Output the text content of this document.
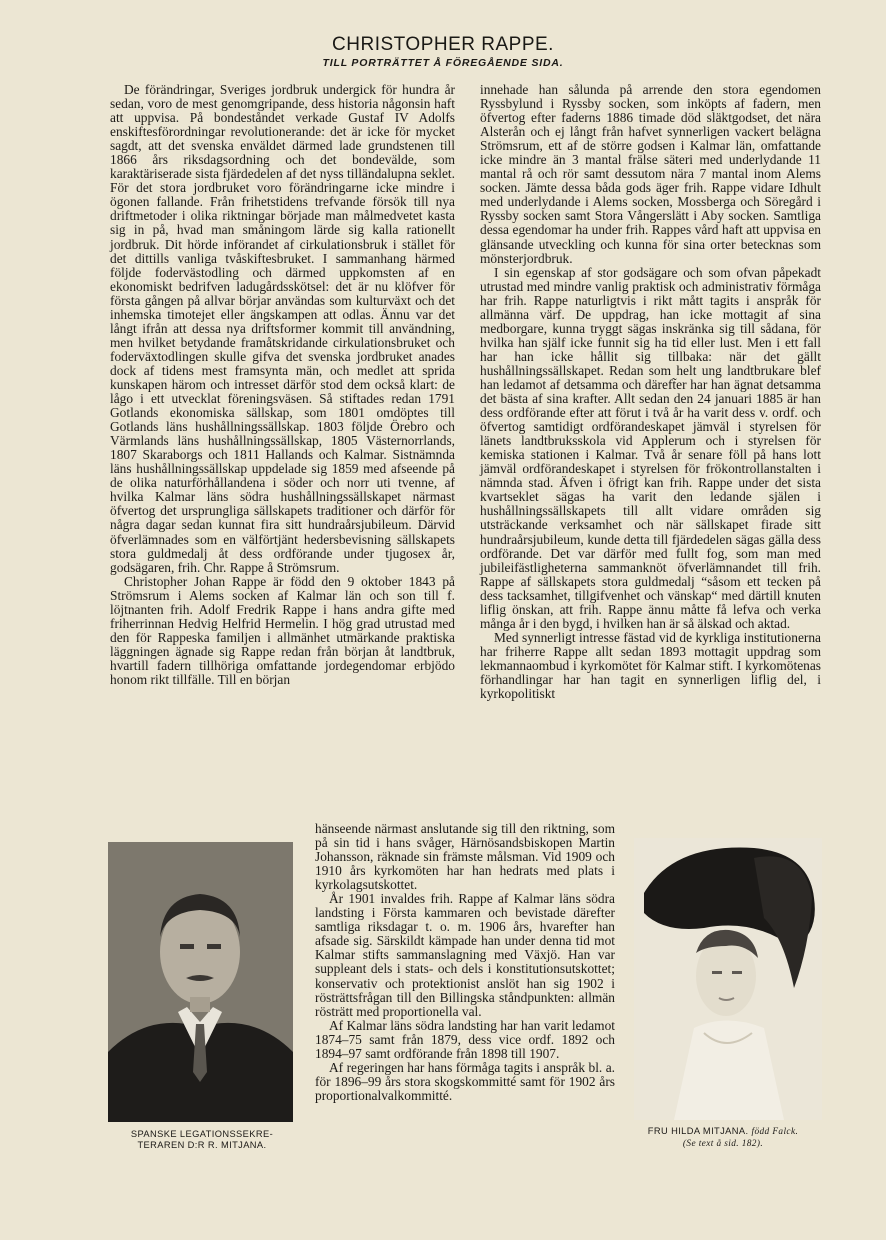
CHRISTOPHER RAPPE.
TILL PORTRÄTTET Å FÖREGÅENDE SIDA.

De förändringar, Sveriges jordbruk undergick för hundra år sedan, voro de mest genomgripande, dess historia någonsin haft att uppvisa. På bondeståndet verkade Gustaf IV Adolfs enskiftesförordningar revolutionerande: det är icke för mycket sagdt, att det svenska enväldet därmed lade grundstenen till 1866 års riksdagsordning och det bondevälde, som karaktäriserade sista fjärdedelen af det nyss tilländalupna seklet. För det stora jordbruket voro förändringarne icke mindre i ögonen fallande. Från frihetstidens trefvande försök till nya driftmetoder i olika riktningar började man målmedvetet kasta sig in på, hvad man småningom lärde sig kalla rationellt jordbruk. Dit hörde införandet af cirkulationsbruk i stället för det dittills vanliga tvåskiftesbruket. I sammanhang härmed följde fodervästodling och därmed uppkomsten af en ekonomiskt bedrifven ladugårdsskötsel: det är nu klöfver för första gången på allvar börjar användas som kulturväxt och det inhemska timotejet eller ängskampen att odlas. Ännu var det långt ifrån att dessa nya driftsformer kommit till användning, men hvilket betydande framåtskridande cirkulationsbruket och foderväxtodlingen skulle gifva det svenska jordbruket anades dock af tidens mest framsynta män, och medlet att sprida kunskapen härom och intresset därför stod dem också klart: de lågo i ett utvecklat föreningsväsen. Så stiftades redan 1791 Gotlands ekonomiska sällskap, som 1801 omdöptes till Gotlands läns hushållningssällskap. 1803 följde Örebro och Värmlands läns hushållningssällskap, 1805 Västernorrlands, 1807 Skaraborgs och 1811 Hallands och Kalmar. Sistnämnda läns hushållningssällskap uppdelade sig 1859 med afseende på de olika naturförhållandena i söder och norr uti tvenne, af hvilka Kalmar läns södra hushållningssällskapet närmast öfvertog det ursprungliga sällskapets traditioner och därför för några dagar sedan kunnat fira sitt hundraårsjubileum. Därvid öfverlämnades som en välförtjänt hedersbevisning sällskapets stora guldmedalj åt dess ordförande under tjugosex år, godsägaren, frih. Chr. Rappe å Strömsrum.

Christopher Johan Rappe är född den 9 oktober 1843 på Strömsrum i Alems socken af Kalmar län och son till f. löjtnanten frih. Adolf Fredrik Rappe i hans andra gifte med friherrinnan Hedvig Helfrid Hermelin. I hög grad utrustad med den för Rappeska familjen i allmänhet utmärkande praktiska läggningen ägnade sig Rappe redan från början åt landtbruk, hvartill fadern tillhöriga omfattande jordegendomar erbjödo honom rikt tillfälle. Till en början

innehade han sålunda på arrende den stora egendomen Ryssbylund i Ryssby socken, som inköpts af fadern, men öfvertog efter faderns 1886 timade död släktgodset, det nära Alsterån och ej långt från hafvet synnerligen vackert belägna Strömsrum, ett af de större godsen i Kalmar län, omfattande icke mindre än 3 mantal frälse säteri med underlydande 11 mantal rå och rör samt dessutom nära 7 mantal inom Alems socken. Jämte dessa båda gods äger frih. Rappe vidare Idhult med underlydande i Alems socken, Mossberga och Söregård i Ryssby socken samt Stora Vångerslätt i Aby socken. Samtliga dessa egendomar ha under frih. Rappes vård haft att uppvisa en glänsande utveckling och kunna för sina orter betecknas som mönsterjordbruk.

I sin egenskap af stor godsägare och som ofvan påpekadt utrustad med mindre vanlig praktisk och administrativ förmåga har frih. Rappe naturligtvis i rikt mått tagits i anspråk för allmänna värf. De uppdrag, han icke mottagit af sina medborgare, kunna tryggt sägas inskränka sig till sådana, för hvilka han själf icke funnit sig ha tid eller lust. Men i ett fall har han icke hållit sig tillbaka: när det gällt hushållningssällskapet. Redan som helt ung landtbrukare blef han ledamot af detsamma och däreft̃er har han ägnat detsamma det bästa af sina krafter. Allt sedan den 24 januari 1885 är han dess ordförande efter att förut i två år ha varit dess v. ordf. och öfvertog samtidigt ordförandeskapet jämväl i styrelsen för länets landtbruksskola vid Applerum och i styrelsen för kemiska stationen i Kalmar. Två år senare föll på hans lott jämväl ordförandeskapet i styrelsen för frökontrollanstalten i nämnda stad. Äfven i öfrigt kan frih. Rappe under det sista kvartseklet sägas ha varit den ledande själen i hushållningssällskapets till allt vidare områden sig utsträckande verksamhet och när sällskapet firade sitt hundraårsjubileum, kunde detta till fjärdedelen sägas gälla dess ordförande. Det var därför med fullt fog, som man med jubileifästligheterna sammanknöt öfverlämnandet till frih. Rappe af sällskapets stora guldmedalj “såsom ett tecken på dess tacksamhet, tillgifvenhet och vänskap“ med därtill knuten liflig önskan, att frih. Rappe ännu måtte få lefva och verka många år i den bygd, i hvilken han är så älskad och aktad.

Med synnerligt intresse fästad vid de kyrkliga institutionerna har friherre Rappe allt sedan 1893 mottagit uppdrag som lekmannaombud i kyrkomötet för Kalmar stift. I kyrkomötenas förhandlingar har han tagit en synnerligen liflig del, i kyrkopolitiskt

hänseende närmast anslutande sig till den riktning, som på sin tid i hans svåger, Härnösandsbiskopen Martin Johansson, räknade sin främste målsman. Vid 1909 och 1910 års kyrkomöten har han hedrats med plats i kyrkolagsutskottet.

År 1901 invaldes frih. Rappe af Kalmar läns södra landsting i Första kammaren och bevistade därefter samtliga riksdagar t. o. m. 1906 års, hvarefter han afsade sig. Särskildt kämpade han under denna tid mot Kalmar stifts sammanslagning med Växjö. Han var suppleant dels i stats- och dels i konstitutionsutskottet; konservativ och protektionist anslöt han sig 1902 i rösträttsfrågan till den Billingska ståndpunkten: allmän rösträtt med proportionella val.

Af Kalmar läns södra landsting har han varit ledamot 1874–75 samt från 1879, dess vice ordf. 1892 och 1894–97 samt ordförande från 1898 till 1907.

Af regeringen har hans förmåga tagits i anspråk bl. a. för 1896–99 års stora skogskommitté samt för 1902 års proportionalvalkommitté.

SPANSKE LEGATIONSSEKRE-
TERAREN D:R R. MITJANA.
FRU HILDA MITJANA. född Falck.
(Se text å sid. 182).
